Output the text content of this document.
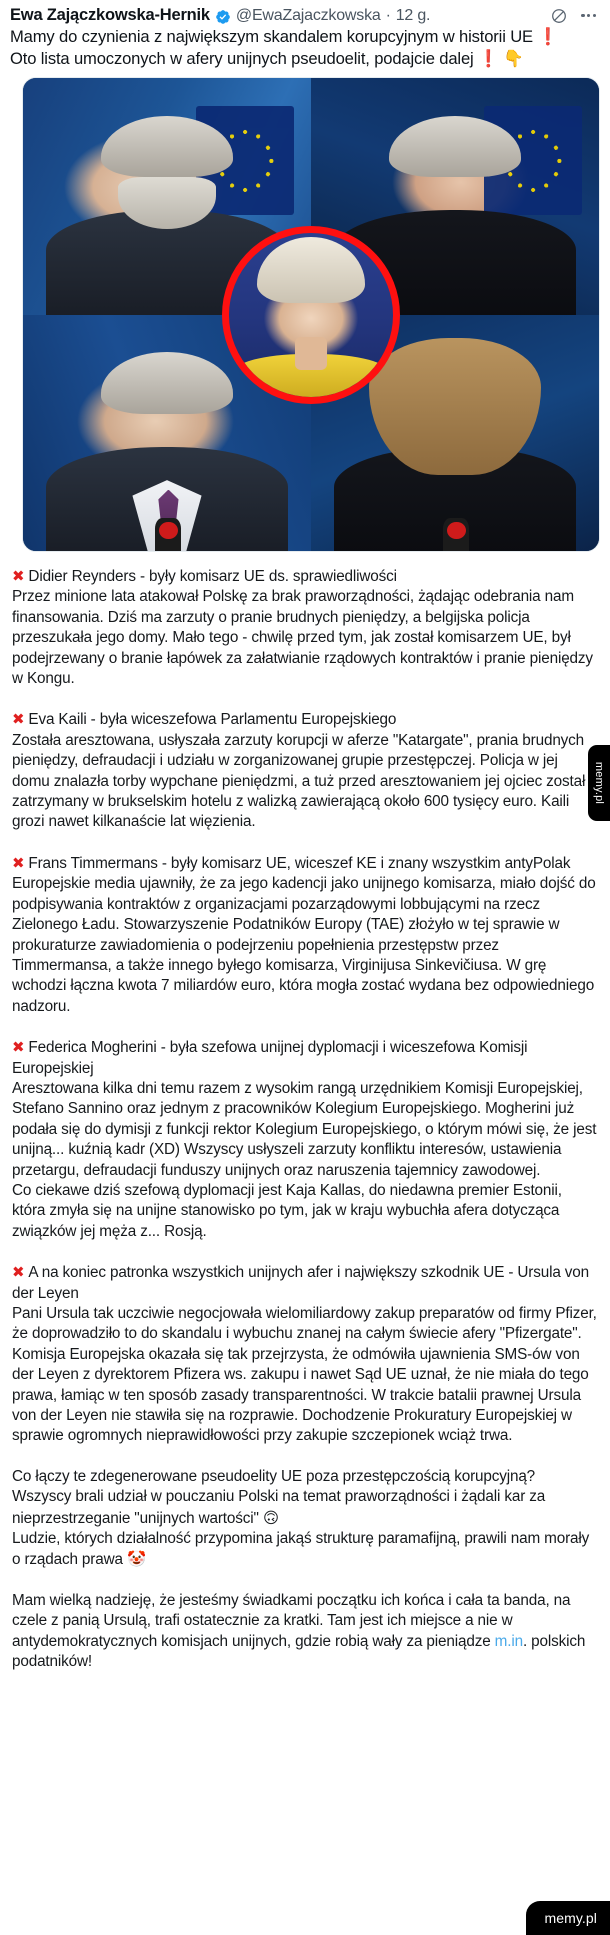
Ewa Zajączkowska-Hernik @EwaZajaczkowska · 12 g.

Mamy do czynienia z największym skandalem korupcyjnym w historii UE ❗

Oto lista umoczonych w afery unijnych pseudoelit, podajcie dalej ❗ 👇

✖ Didier Reynders - były komisarz UE ds. sprawiedliwości

Przez minione lata atakował Polskę za brak praworządności, żądając odebrania nam finansowania. Dziś ma zarzuty o pranie brudnych pieniędzy, a belgijska policja przeszukała jego domy. Mało tego - chwilę przed tym, jak został komisarzem UE, był podejrzewany o branie łapówek za załatwianie rządowych kontraktów i pranie pieniędzy w Kongu.

✖ Eva Kaili - była wiceszefowa Parlamentu Europejskiego

Została aresztowana, usłyszała zarzuty korupcji w aferze "Katargate", prania brudnych pieniędzy, defraudacji i udziału w zorganizowanej grupie przestępczej. Policja w jej domu znalazła torby wypchane pieniędzmi, a tuż przed aresztowaniem jej ojciec został zatrzymany w brukselskim hotelu z walizką zawierającą około 600 tysięcy euro. Kaili grozi nawet kilkanaście lat więzienia.

✖ Frans Timmermans - były komisarz UE, wiceszef KE i znany wszystkim antyPolak

Europejskie media ujawniły, że za jego kadencji jako unijnego komisarza, miało dojść do podpisywania kontraktów z organizacjami pozarządowymi lobbującymi na rzecz Zielonego Ładu. Stowarzyszenie Podatników Europy (TAE) złożyło w tej sprawie w prokuraturze zawiadomienia o podejrzeniu popełnienia przestępstw przez Timmermansa, a także innego byłego komisarza, Virginijusa Sinkevičiusa. W grę wchodzi łączna kwota 7 miliardów euro, która mogła zostać wydana bez odpowiedniego nadzoru.

✖ Federica Mogherini - była szefowa unijnej dyplomacji i wiceszefowa Komisji Europejskiej

Aresztowana kilka dni temu razem z wysokim rangą urzędnikiem Komisji Europejskiej, Stefano Sannino oraz jednym z pracowników Kolegium Europejskiego. Mogherini już podała się do dymisji z funkcji rektor Kolegium Europejskiego, o którym mówi się, że jest unijną... kuźnią kadr (XD) Wszyscy usłyszeli zarzuty konfliktu interesów, ustawienia przetargu, defraudacji funduszy unijnych oraz naruszenia tajemnicy zawodowej.

Co ciekawe dziś szefową dyplomacji jest Kaja Kallas, do niedawna premier Estonii, która zmyła się na unijne stanowisko po tym, jak w kraju wybuchła afera dotycząca związków jej męża z... Rosją.

✖ A na koniec patronka wszystkich unijnych afer i największy szkodnik UE - Ursula von der Leyen

Pani Ursula tak uczciwie negocjowała wielomiliardowy zakup preparatów od firmy Pfizer, że doprowadziło to do skandalu i wybuchu znanej na całym świecie afery "Pfizergate". Komisja Europejska okazała się tak przejrzysta, że odmówiła ujawnienia SMS-ów von der Leyen z dyrektorem Pfizera ws. zakupu i nawet Sąd UE uznał, że nie miała do tego prawa, łamiąc w ten sposób zasady transparentności. W trakcie batalii prawnej Ursula von der Leyen nie stawiła się na rozprawie. Dochodzenie Prokuratury Europejskiej w sprawie ogromnych nieprawidłowości przy zakupie szczepionek wciąż trwa.

Co łączy te zdegenerowane pseudoelity UE poza przestępczością korupcyjną? Wszyscy brali udział w pouczaniu Polski na temat praworządności i żądali kar za nieprzestrzeganie "unijnych wartości" 🙃

Ludzie, których działalność przypomina jakąś strukturę paramafijną, prawili nam morały o rządach prawa 🤡

Mam wielką nadzieję, że jesteśmy świadkami początku ich końca i cała ta banda, na czele z panią Ursulą, trafi ostatecznie za kratki. Tam jest ich miejsce a nie w antydemokratycznych komisjach unijnych, gdzie robią wały za pieniądze m.in. polskich podatników!

memy.pl
memy.pl
